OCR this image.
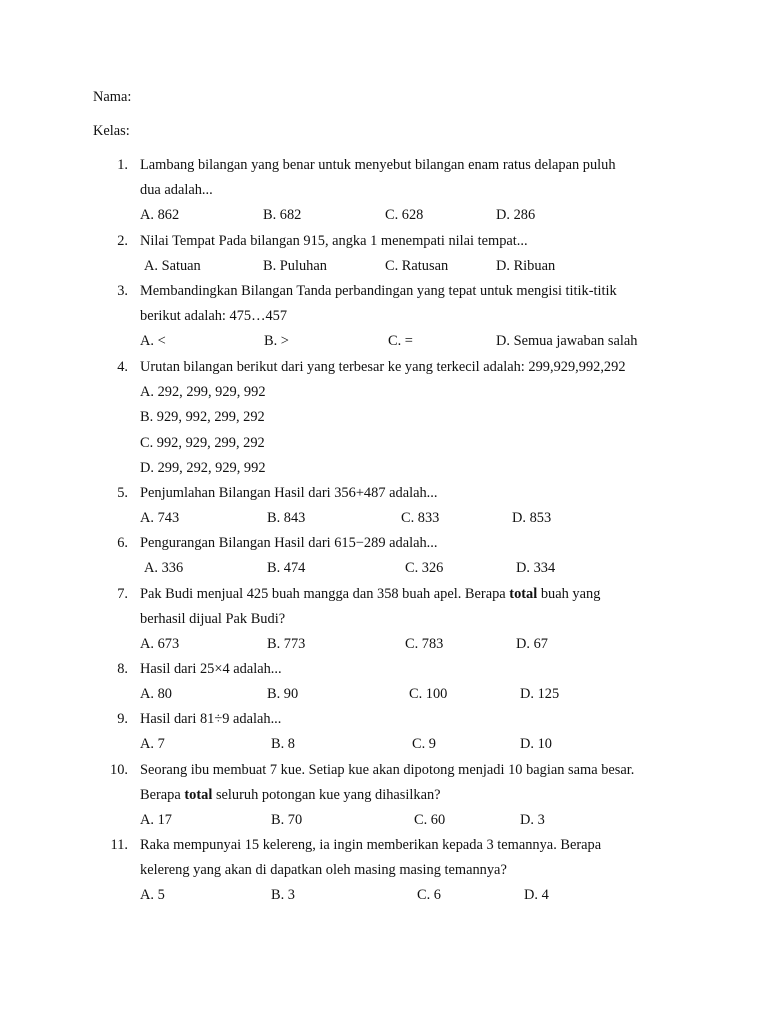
Nama:
Kelas:
1. Lambang bilangan yang benar untuk menyebut bilangan enam ratus delapan puluh
dua adalah...
A. 862	B. 682	C. 628	D. 286
2. Nilai Tempat Pada bilangan 915, angka 1 menempati nilai tempat...
A. Satuan	B. Puluhan	C. Ratusan	D. Ribuan
3. Membandingkan Bilangan Tanda perbandingan yang tepat untuk mengisi titik-titik
berikut adalah: 475…457
A. <	B. >	C. =	D. Semua jawaban salah
4. Urutan bilangan berikut dari yang terbesar ke yang terkecil adalah: 299,929,992,292
A. 292, 299, 929, 992
B. 929, 992, 299, 292
C. 992, 929, 299, 292
D. 299, 292, 929, 992
5. Penjumlahan Bilangan Hasil dari 356+487 adalah...
A. 743	B. 843	C. 833	D. 853
6. Pengurangan Bilangan Hasil dari 615−289 adalah...
A. 336	B. 474	C. 326	D. 334
7. Pak Budi menjual 425 buah mangga dan 358 buah apel. Berapa total buah yang
berhasil dijual Pak Budi?
A. 673	B. 773	C. 783	D. 67
8. Hasil dari 25×4 adalah...
A. 80	B. 90	C. 100	D. 125
9. Hasil dari 81÷9 adalah...
A. 7	B. 8	C. 9	D. 10
10. Seorang ibu membuat 7 kue. Setiap kue akan dipotong menjadi 10 bagian sama besar.
Berapa total seluruh potongan kue yang dihasilkan?
A. 17	B. 70	C. 60	D. 3
11. Raka mempunyai 15 kelereng, ia ingin memberikan kepada 3 temannya. Berapa
kelereng yang akan di dapatkan oleh masing masing temannya?
A. 5	B. 3	C. 6	D. 4
